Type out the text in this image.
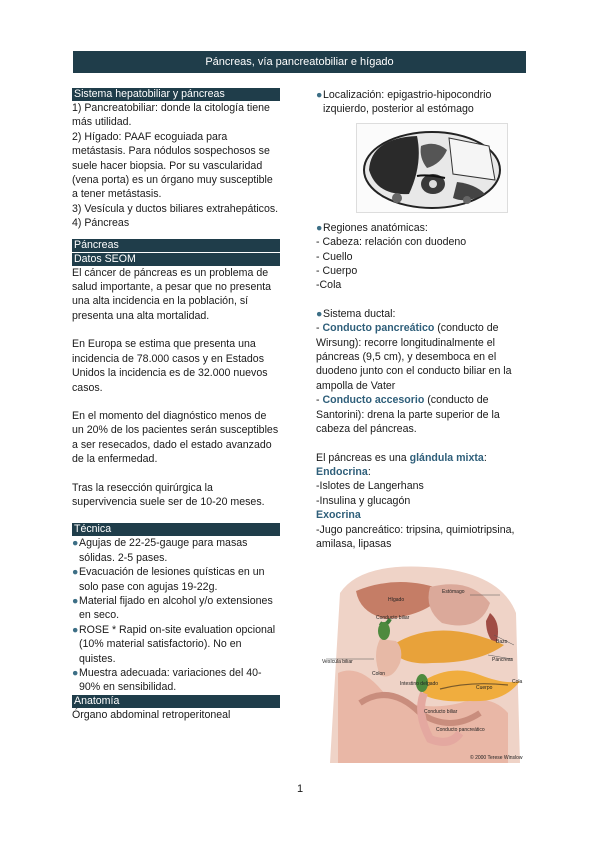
Páncreas, vía pancreatobiliar e hígado
Sistema hepatobiliar y páncreas

1) Pancreatobiliar: donde la citología tiene más utilidad.

2) Hígado: PAAF ecoguiada para metástasis. Para nódulos sospechosos se suele hacer biopsia. Por su vascularidad (vena porta) es un órgano muy susceptible a tener metástasis.

3) Vesícula y ductos biliares extrahepáticos.

4) Páncreas

Páncreas
Datos SEOM

El cáncer de páncreas es un problema de salud importante, a pesar que no presenta una alta incidencia en la población, sí presenta una alta mortalidad.

En Europa se estima que presenta una incidencia de 78.000 casos y en Estados Unidos la incidencia es de 32.000 nuevos casos.

En el momento del diagnóstico menos de un 20% de los pacientes serán susceptibles a ser resecados, dado el estado avanzado de la enfermedad.

Tras la resección quirúrgica la supervivencia suele ser de 10-20 meses.

Técnica
● Agujas de 22-25-gauge para masas sólidas. 2-5 pases.
● Evacuación de lesiones quísticas en un solo pase con agujas 19-22g.
● Material fijado en alcohol y/o extensiones en seco.
● ROSE * Rapid on-site evaluation opcional (10% material satisfactorio). No en quistes.
● Muestra adecuada: variaciones del 40-90% en sensibilidad.
Anatomía

Órgano abdominal retroperitoneal

● Localización: epigastrio-hipocondrio izquierdo, posterior al estómago
● Regiones anatómicas:

- Cabeza: relación con duodeno

- Cuello

- Cuerpo

-Cola

● Sistema ductal:

- Conducto pancreático (conducto de Wirsung): recorre longitudinalmente el páncreas (9,5 cm), y desemboca en el duodeno junto con el conducto biliar en la ampolla de Vater

- Conducto accesorio (conducto de Santorini): drena la parte superior de la cabeza del páncreas.

El páncreas es una glándula mixta:

Endocrina:

-Islotes de Langerhans

-Insulina y glucagón

Exocrina

-Jugo pancreático: tripsina, quimiotripsina, amilasa, lipasas

Hígado
Estómago
Conducto biliar
Vesícula biliar
Bazo
Páncreas
Colon
Intestino delgado
Cuerpo
Cola
Conducto biliar
Conducto pancreático
© 2000 Terese Winslow
1
